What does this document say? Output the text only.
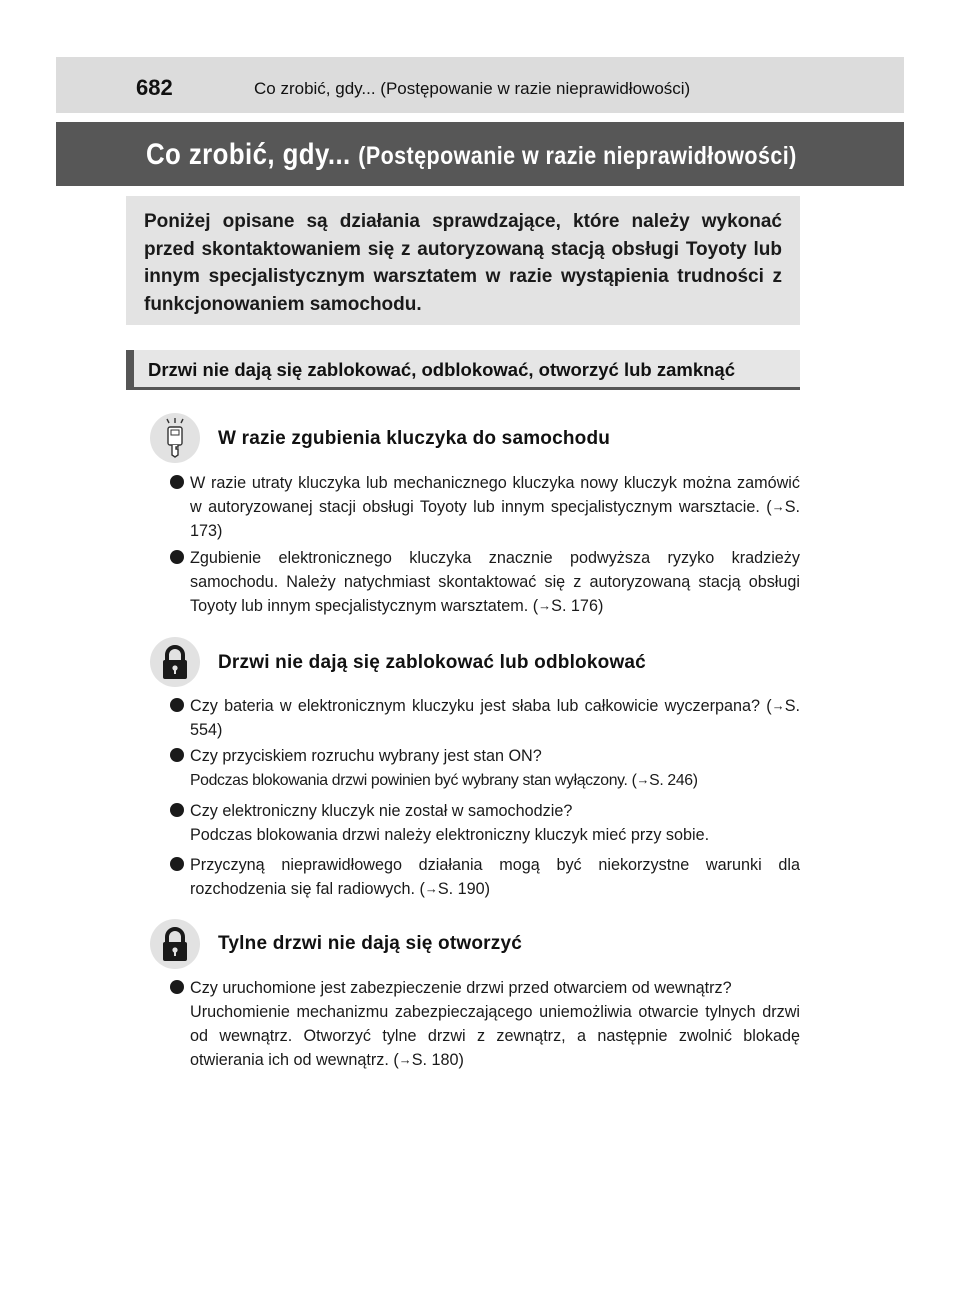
682	Co zrobić, gdy... (Postępowanie w razie nieprawidłowości)
Co zrobić, gdy... (Postępowanie w razie nieprawidłowości)

Poniżej opisane są działania sprawdzające, które należy wykonać przed skontaktowaniem się z autoryzowaną stacją obsługi Toyoty lub innym specjalistycznym warsztatem w razie wystąpienia trudności z funkcjonowaniem samochodu.

Drzwi nie dają się zablokować, odblokować, otworzyć lub zamknąć
W razie zgubienia kluczyka do samochodu

W razie utraty kluczyka lub mechanicznego kluczyka nowy kluczyk można zamówić w autoryzowanej stacji obsługi Toyoty lub innym specjalistycznym warsztacie. (→S. 173)

Zgubienie elektronicznego kluczyka znacznie podwyższa ryzyko kradzieży samochodu. Należy natychmiast skontaktować się z autoryzowaną stacją obsługi Toyoty lub innym specjalistycznym warsztatem. (→S. 176)

Drzwi nie dają się zablokować lub odblokować

Czy bateria w elektronicznym kluczyku jest słaba lub całkowicie wyczerpana? (→S. 554)

Czy przyciskiem rozruchu wybrany jest stan ON?
Podczas blokowania drzwi powinien być wybrany stan wyłączony. (→S. 246)

Czy elektroniczny kluczyk nie został w samochodzie?
Podczas blokowania drzwi należy elektroniczny kluczyk mieć przy sobie.

Przyczyną nieprawidłowego działania mogą być niekorzystne warunki dla rozchodzenia się fal radiowych. (→S. 190)

Tylne drzwi nie dają się otworzyć

Czy uruchomione jest zabezpieczenie drzwi przed otwarciem od wewnątrz?
Uruchomienie mechanizmu zabezpieczającego uniemożliwia otwarcie tylnych drzwi od wewnątrz. Otworzyć tylne drzwi z zewnątrz, a następnie zwolnić blokadę otwierania ich od wewnątrz. (→S. 180)
